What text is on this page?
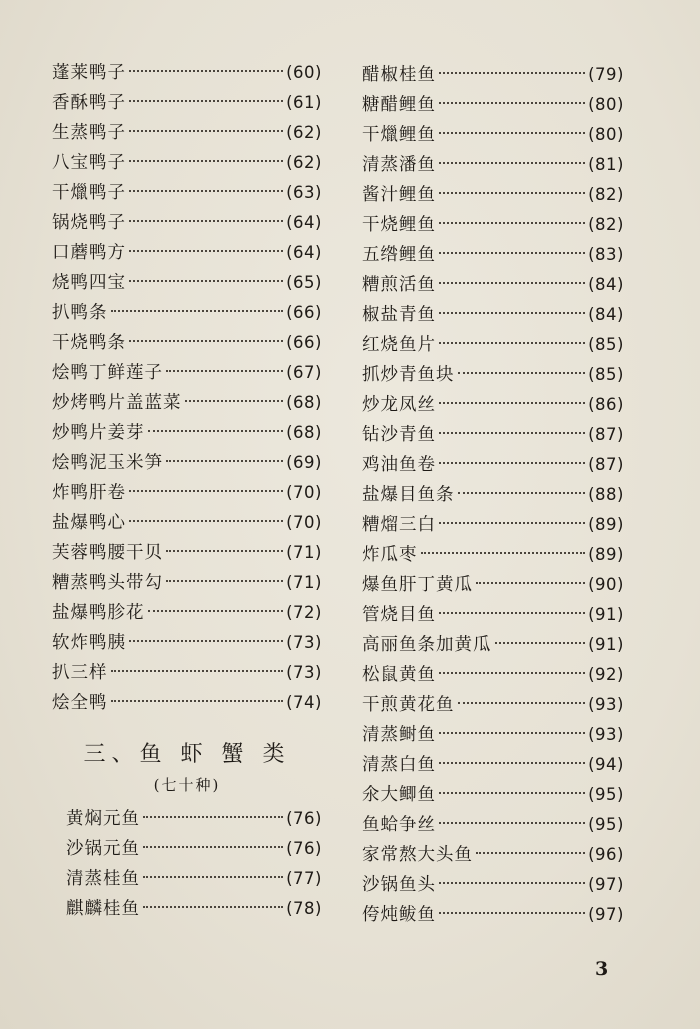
蓬莱鸭子	(60)
香酥鸭子	(61)
生蒸鸭子	(62)
八宝鸭子	(62)
干爉鸭子	(63)
锅烧鸭子	(64)
口蘑鸭方	(64)
烧鸭四宝	(65)
扒鸭条	(66)
干烧鸭条	(66)
烩鸭丁鲜莲子	(67)
炒烤鸭片盖蓝菜	(68)
炒鸭片姜芽	(68)
烩鸭泥玉米笋	(69)
炸鸭肝卷	(70)
盐爆鸭心	(70)
芙蓉鸭腰干贝	(71)
糟蒸鸭头带勾	(71)
盐爆鸭胗花	(72)
软炸鸭胰	(73)
扒三样	(73)
烩全鸭	(74)
三、鱼 虾 蟹 类
(七十种)
黄焖元鱼	(76)
沙锅元鱼	(76)
清蒸桂鱼	(77)
麒麟桂鱼	(78)
醋椒桂鱼	(79)
糖醋鲤鱼	(80)
干爉鲤鱼	(80)
清蒸潘鱼	(81)
酱汁鲤鱼	(82)
干烧鲤鱼	(82)
五绺鲤鱼	(83)
糟煎活鱼	(84)
椒盐青鱼	(84)
红烧鱼片	(85)
抓炒青鱼块	(85)
炒龙凤丝	(86)
钻沙青鱼	(87)
鸡油鱼卷	(87)
盐爆目鱼条	(88)
糟熘三白	(89)
炸瓜枣	(89)
爆鱼肝丁黄瓜	(90)
管烧目鱼	(91)
高丽鱼条加黄瓜	(91)
松鼠黄鱼	(92)
干煎黄花鱼	(93)
清蒸鲥鱼	(93)
清蒸白鱼	(94)
氽大鲫鱼	(95)
鱼蛤争丝	(95)
家常熬大头鱼	(96)
沙锅鱼头	(97)
侉炖鲅鱼	(97)
3
